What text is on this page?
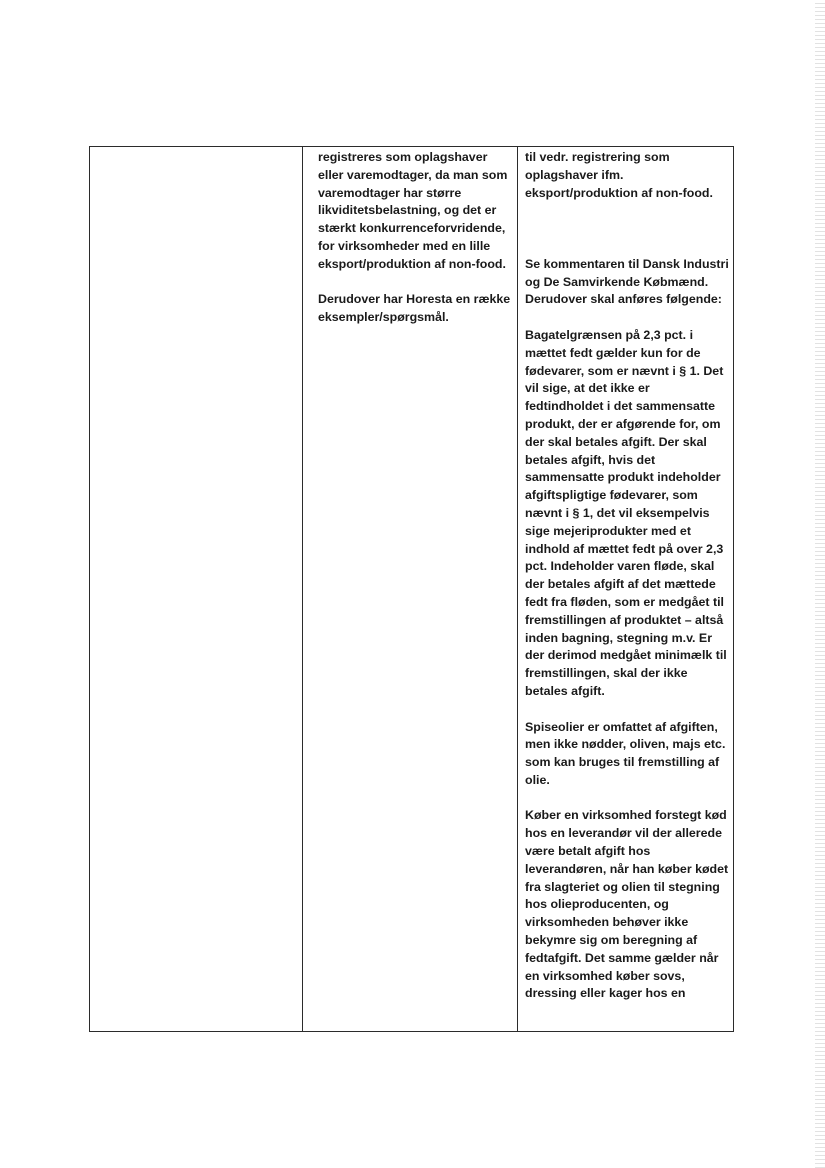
registreres som oplagshaver eller varemodtager, da man som varemodtager har større likviditetsbelastning, og det er stærkt konkurrenceforvridende, for virksomheder med en lille eksport/produktion af non-food.

Derudover har Horesta en række eksempler/spørgsmål.

til vedr. registrering som oplagshaver ifm. eksport/produktion af non-food.

Se kommentaren til Dansk Industri og De Samvirkende Købmænd. Derudover skal anføres følgende:

Bagatelgrænsen på 2,3 pct. i mættet fedt gælder kun for de fødevarer, som er nævnt i § 1. Det vil sige, at det ikke er fedtindholdet i det sammensatte produkt, der er afgørende for, om der skal betales afgift. Der skal betales afgift, hvis det sammensatte produkt indeholder afgiftspligtige fødevarer, som nævnt i § 1, det vil eksempelvis sige mejeriprodukter med et indhold af mættet fedt på over 2,3 pct. Indeholder varen fløde, skal der betales afgift af det mættede fedt fra fløden, som er medgået til fremstillingen af produktet – altså inden bagning, stegning m.v. Er der derimod medgået minimælk til fremstillingen, skal der ikke betales afgift.

Spiseolier er omfattet af afgiften, men ikke nødder, oliven, majs etc. som kan bruges til fremstilling af olie.

Køber en virksomhed forstegt kød hos en leverandør vil der allerede være betalt afgift hos leverandøren, når han køber kødet fra slagteriet og olien til stegning hos olieproducenten, og virksomheden behøver ikke bekymre sig om beregning af fedtafgift. Det samme gælder når en virksomhed køber sovs, dressing eller kager hos en
